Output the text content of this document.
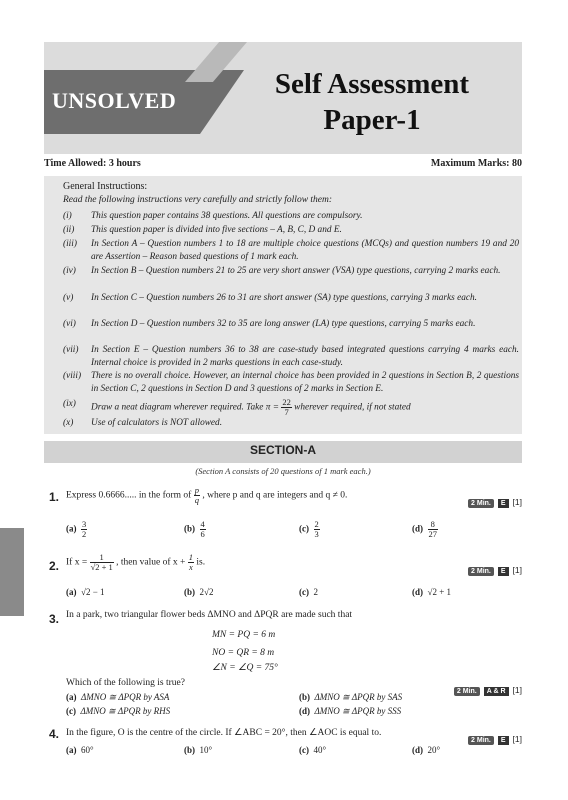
UNSOLVED
Self Assessment
Paper-1
Time Allowed: 3 hours	Maximum Marks: 80
General Instructions:
Read the following instructions very carefully and strictly follow them:
(i)	This question paper contains 38 questions. All questions are compulsory.
(ii)	This question paper is divided into five sections – A, B, C, D and E.
(iii)	In Section A – Question numbers 1 to 18 are multiple choice questions (MCQs) and question numbers 19 and 20 are Assertion – Reason based questions of 1 mark each.
(iv)	In Section B – Question numbers 21 to 25 are very short answer (VSA) type questions, carrying 2 marks each.
(v)	In Section C – Question numbers 26 to 31 are short answer (SA) type questions, carrying 3 marks each.
(vi)	In Section D – Question numbers 32 to 35 are long answer (LA) type questions, carrying 5 marks each.
(vii)	In Section E – Question numbers 36 to 38 are case-study based integrated questions carrying 4 marks each. Internal choice is provided in 2 marks questions in each case-study.
(viii)	There is no overall choice. However, an internal choice has been provided in 2 questions in Section B, 2 questions in Section C, 2 questions in Section D and 3 questions of 2 marks in Section E.
(ix)	Draw a neat diagram wherever required. Take $\pi = \frac{22}{7}$ wherever required, if not stated
(x)	Use of calculators is NOT allowed.
SECTION-A
(Section A consists of 20 questions of 1 mark each.)
1. Express 0.6666..... in the form of $\frac{p}{q}$ , where p and q are integers and q ≠ 0.
2 Min. E [1]
$(a) \frac{3}{2}$	$(b) \frac{4}{6}$	$(c) \frac{2}{3}$	$(d) \frac{8}{27}$
2. If $x = \frac{1}{√2 + 1}$ , then value of $x + \frac{1}{x}$ is.
2 Min. E [1]
(a) √2 − 1	(b) 2√2	(c) 2	(d) √2 + 1
3. In a park, two triangular flower beds ΔMNO and ΔPQR are made such that
MN = PQ = 6 m
NO = QR = 8 m
∠N = ∠Q = 75°
Which of the following is true?
2 Min. A & R [1]
(a) ΔMNO ≅ ΔPQR by ASA	(b) ΔMNO ≅ ΔPQR by SAS
(c) ΔMNO ≅ ΔPQR by RHS	(d) ΔMNO ≅ ΔPQR by SSS
4. In the figure, O is the centre of the circle. If ∠ABC = 20°, then ∠AOC is equal to.
2 Min. E [1]
(a) 60°	(b) 10°	(c) 40°	(d) 20°
